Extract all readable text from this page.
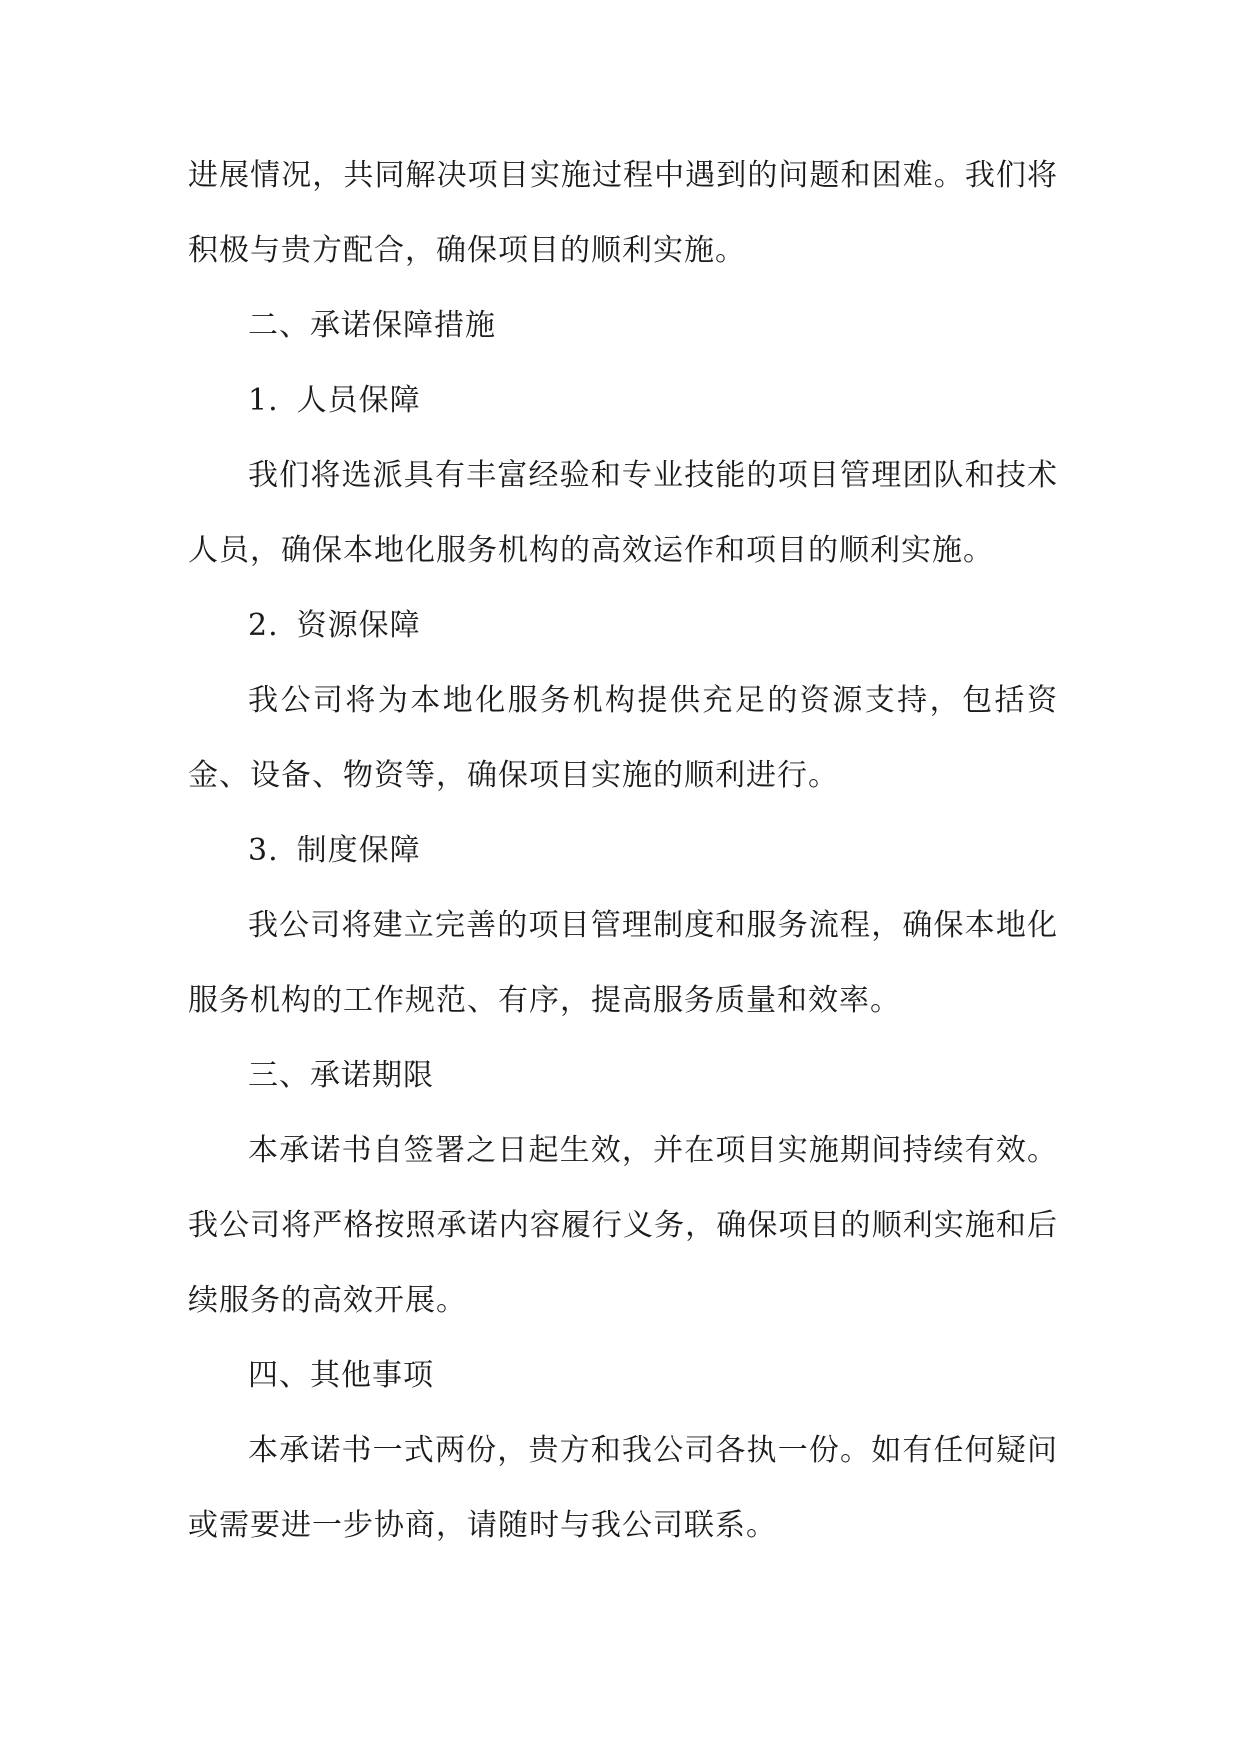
进展情况，共同解决项目实施过程中遇到的问题和困难。我们将积极与贵方配合，确保项目的顺利实施。

二、承诺保障措施

1. 人员保障

我们将选派具有丰富经验和专业技能的项目管理团队和技术人员，确保本地化服务机构的高效运作和项目的顺利实施。

2. 资源保障

我公司将为本地化服务机构提供充足的资源支持，包括资金、设备、物资等，确保项目实施的顺利进行。

3. 制度保障

我公司将建立完善的项目管理制度和服务流程，确保本地化服务机构的工作规范、有序，提高服务质量和效率。

三、承诺期限

本承诺书自签署之日起生效，并在项目实施期间持续有效。我公司将严格按照承诺内容履行义务，确保项目的顺利实施和后续服务的高效开展。

四、其他事项

本承诺书一式两份，贵方和我公司各执一份。如有任何疑问或需要进一步协商，请随时与我公司联系。
